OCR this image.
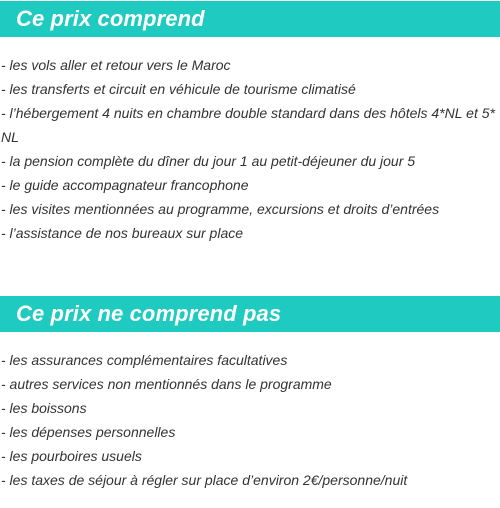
Ce prix comprend
- les vols aller et retour vers le Maroc
- les transferts et circuit en véhicule de tourisme climatisé
- l’hébergement 4 nuits en chambre double standard dans des hôtels 4*NL et 5* NL
- la pension complète du dîner du jour 1 au petit-déjeuner du jour 5
- le guide accompagnateur francophone
- les visites mentionnées au programme, excursions et droits d’entrées
- l’assistance de nos bureaux sur place
Ce prix ne comprend pas
- les assurances complémentaires facultatives
- autres services non mentionnés dans le programme
- les boissons
- les dépenses personnelles
- les pourboires usuels
- les taxes de séjour à régler sur place d’environ 2€/personne/nuit
